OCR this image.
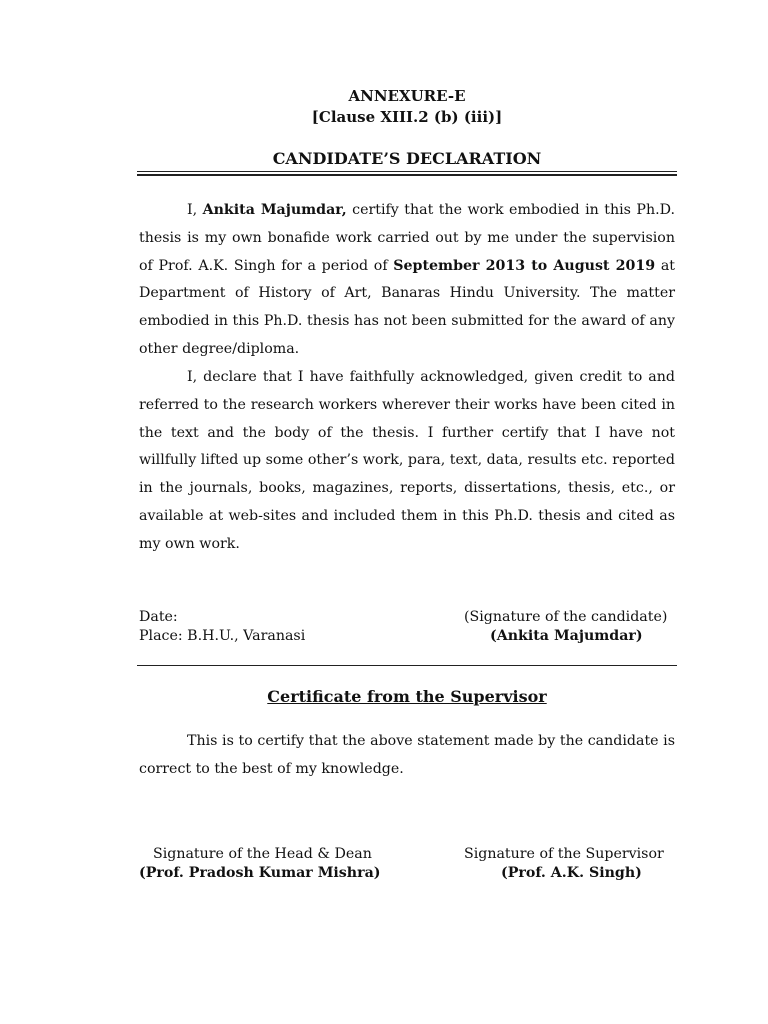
ANNEXURE-E
[Clause XIII.2 (b) (iii)]
CANDIDATE’S DECLARATION

I, Ankita Majumdar, certify that the work embodied in this Ph.D. thesis is my own bonafide work carried out by me under the supervision of Prof. A.K. Singh for a period of September 2013 to August 2019 at Department of History of Art, Banaras Hindu University. The matter embodied in this Ph.D. thesis has not been submitted for the award of any other degree/diploma.

I, declare that I have faithfully acknowledged, given credit to and referred to the research workers wherever their works have been cited in the text and the body of the thesis. I further certify that I have not willfully lifted up some other’s work, para, text, data, results etc. reported in the journals, books, magazines, reports, dissertations, thesis, etc., or available at web-sites and included them in this Ph.D. thesis and cited as my own work.

Date:
Place: B.H.U., Varanasi
(Signature of the candidate)
(Ankita Majumdar)
Certificate from the Supervisor

This is to certify that the above statement made by the candidate is correct to the best of my knowledge.

Signature of the Head & Dean
(Prof. Pradosh Kumar Mishra)
Signature of the Supervisor
(Prof. A.K. Singh)
